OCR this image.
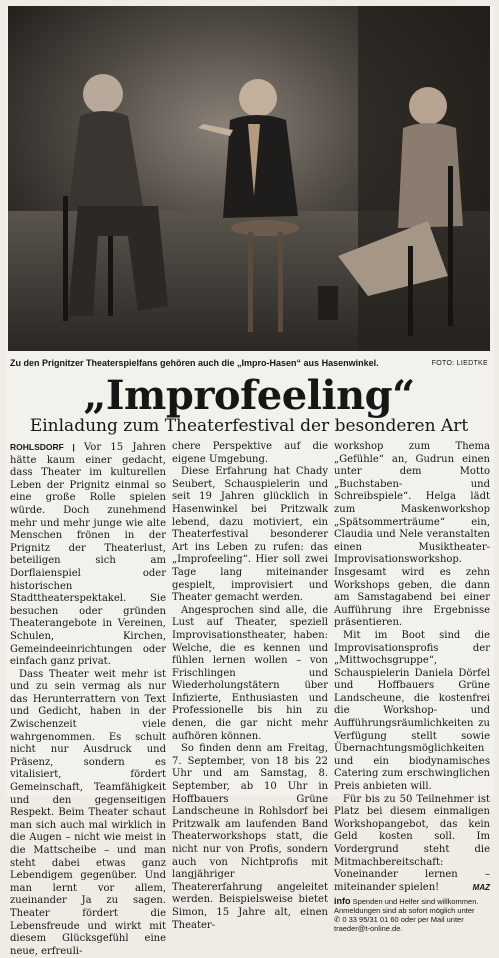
Zu den Prignitzer Theaterspielfans gehören auch die „Impro-Hasen“ aus Hasenwinkel.	FOTO: LIEDTKE
„Improfeeling“
Einladung zum Theaterfestival der besonderen Art

ROHLSDORF | Vor 15 Jahren hätte kaum einer gedacht, dass Theater im kulturellen Leben der Prignitz einmal so eine große Rolle spielen würde. Doch zunehmend mehr und mehr junge wie alte Menschen frönen in der Prignitz der Theaterlust, beteiligen sich am Dorflaienspiel oder historischen Stadttheaterspektakel. Sie besuchen oder gründen Theaterangebote in Vereinen, Schulen, Kirchen, Gemeindeeinrichtungen oder einfach ganz privat.

Dass Theater weit mehr ist und zu sein vermag als nur das Herunterrattern von Text und Gedicht, haben in der Zwischenzeit viele wahrgenommen. Es schult nicht nur Ausdruck und Präsenz, sondern es vitalisiert, fördert Gemeinschaft, Teamfähigkeit und den gegenseitigen Respekt. Beim Theater schaut man sich auch mal wirklich in die Augen – nicht wie meist in die Mattscheibe – und man steht dabei etwas ganz Lebendigem gegenüber. Und man lernt vor allem, zueinander Ja zu sagen. Theater fördert die Lebensfreude und wirkt mit diesem Glücksgefühl eine neue, erfreuli-

chere Perspektive auf die eigene Umgebung.

Diese Erfahrung hat Chady Seubert, Schauspielerin und seit 19 Jahren glücklich in Hasenwinkel bei Pritzwalk lebend, dazu motiviert, ein Theaterfestival besonderer Art ins Leben zu rufen: das „Improfeeling“. Hier soll zwei Tage lang miteinander gespielt, improvisiert und Theater gemacht werden.

Angesprochen sind alle, die Lust auf Theater, speziell Improvisationstheater, haben: Welche, die es kennen und fühlen lernen wollen – von Frischlingen und Wiederholungstätern über Infizierte, Enthusiasten und Professionelle bis hin zu denen, die gar nicht mehr aufhören können.

So finden denn am Freitag, 7. September, von 18 bis 22 Uhr und am Samstag, 8. September, ab 10 Uhr in Hoffbauers Grüne Landscheune in Rohlsdorf bei Pritzwalk am laufenden Band Theaterworkshops statt, die nicht nur von Profis, sondern auch von Nichtprofis mit langjähriger Theatererfahrung angeleitet werden. Beispielsweise bietet Simon, 15 Jahre alt, einen Theater-

workshop zum Thema „Gefühle“ an, Gudrun einen unter dem Motto „Buchstaben- und Schreibspiele“. Helga lädt zum Maskenworkshop „Spätsommerträume“ ein, Claudia und Nele veranstalten einen Musiktheater-Improvisationsworkshop. Insgesamt wird es zehn Workshops geben, die dann am Samstagabend bei einer Aufführung ihre Ergebnisse präsentieren.

Mit im Boot sind die Improvisationsprofis der „Mittwochsgruppe“, Schauspielerin Daniela Dörfel und Hoffbauers Grüne Landscheune, die kostenfrei die Workshop- und Aufführungsräumlichkeiten zu Verfügung stellt sowie Übernachtungsmöglichkeiten und ein biodynamisches Catering zum erschwinglichen Preis anbieten will.

Für bis zu 50 Teilnehmer ist Platz bei diesem einmaligen Workshopangebot, das kein Geld kosten soll. Im Vordergrund steht die Mitmachbereitschaft: Voneinander lernen – miteinander spielen!	MAZ

info Spenden und Helfer sind willkommen.
Anmeldungen sind ab sofort möglich unter
✆ 0 33 95/31 01 60 oder per Mail unter
traeder@t-online.de.
